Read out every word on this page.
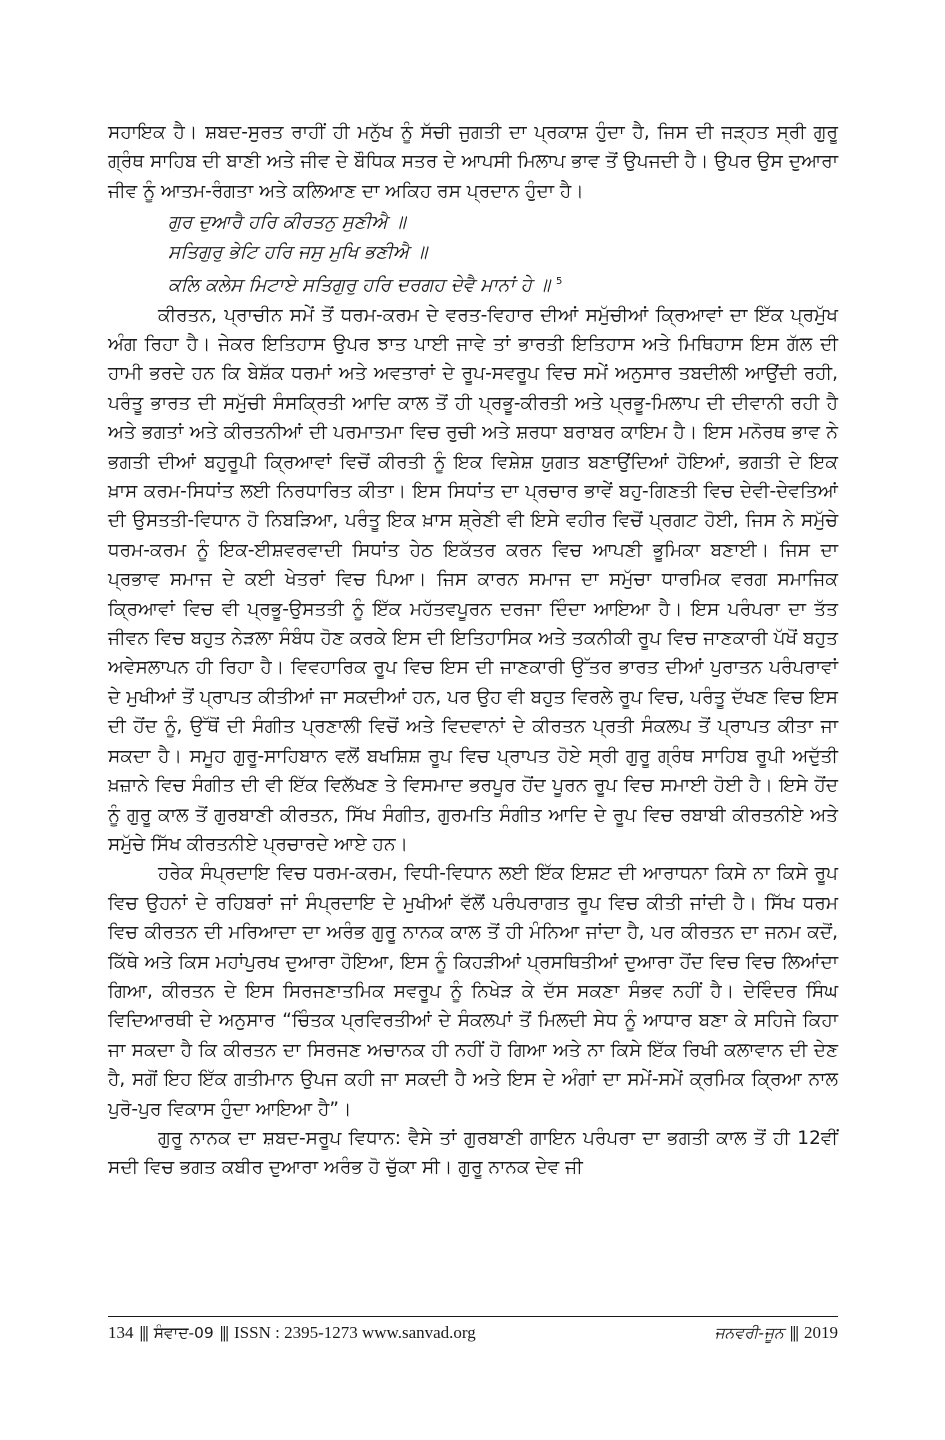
ਸਹਾਇਕ ਹੈ। ਸ਼ਬਦ-ਸੁਰਤ ਰਾਹੀਂ ਹੀ ਮਨੁੱਖ ਨੂੰ ਸੱਚੀ ਜੁਗਤੀ ਦਾ ਪ੍ਰਕਾਸ਼ ਹੁੰਦਾ ਹੈ, ਜਿਸ ਦੀ ਜੜ੍ਹਤ ਸ੍ਰੀ ਗੁਰੂ ਗ੍ਰੰਥ ਸਾਹਿਬ ਦੀ ਬਾਣੀ ਅਤੇ ਜੀਵ ਦੇ ਬੌਧਿਕ ਸਤਰ ਦੇ ਆਪਸੀ ਮਿਲਾਪ ਭਾਵ ਤੋਂ ਉਪਜਦੀ ਹੈ। ਉਪਰ ਉਸ ਦੁਆਰਾ ਜੀਵ ਨੂੰ ਆਤਮ-ਰੰਗਤਾ ਅਤੇ ਕਲਿਆਣ ਦਾ ਅਕਿਹ ਰਸ ਪ੍ਰਦਾਨ ਹੁੰਦਾ ਹੈ।

ਗੁਰ ਦੁਆਰੈ ਹਰਿ ਕੀਰਤਨੁ ਸੁਣੀਐ ॥
ਸਤਿਗੁਰੁ ਭੇਟਿ ਹਰਿ ਜਸੁ ਮੁਖਿ ਭਣੀਐ ॥
ਕਲਿ ਕਲੇਸ ਮਿਟਾਏ ਸਤਿਗੁਰੁ ਹਰਿ ਦਰਗਹ ਦੇਵੈ ਮਾਨਾਂ ਹੇ ॥ $^5$

ਕੀਰਤਨ, ਪ੍ਰਾਚੀਨ ਸਮੇਂ ਤੋਂ ਧਰਮ-ਕਰਮ ਦੇ ਵਰਤ-ਵਿਹਾਰ ਦੀਆਂ ਸਮੁੱਚੀਆਂ ਕ੍ਰਿਆਵਾਂ ਦਾ ਇੱਕ ਪ੍ਰਮੁੱਖ ਅੰਗ ਰਿਹਾ ਹੈ। ਜੇਕਰ ਇਤਿਹਾਸ ਉਪਰ ਝਾਤ ਪਾਈ ਜਾਵੇ ਤਾਂ ਭਾਰਤੀ ਇਤਿਹਾਸ ਅਤੇ ਮਿਥਿਹਾਸ ਇਸ ਗੱਲ ਦੀ ਹਾਮੀ ਭਰਦੇ ਹਨ ਕਿ ਬੇਸ਼ੱਕ ਧਰਮਾਂ ਅਤੇ ਅਵਤਾਰਾਂ ਦੇ ਰੂਪ-ਸਵਰੂਪ ਵਿਚ ਸਮੇਂ ਅਨੁਸਾਰ ਤਬਦੀਲੀ ਆਉਂਦੀ ਰਹੀ, ਪਰੰਤੂ ਭਾਰਤ ਦੀ ਸਮੁੱਚੀ ਸੰਸਕ੍ਰਿਤੀ ਆਦਿ ਕਾਲ ਤੋਂ ਹੀ ਪ੍ਰਭੂ-ਕੀਰਤੀ ਅਤੇ ਪ੍ਰਭੂ-ਮਿਲਾਪ ਦੀ ਦੀਵਾਨੀ ਰਹੀ ਹੈ ਅਤੇ ਭਗਤਾਂ ਅਤੇ ਕੀਰਤਨੀਆਂ ਦੀ ਪਰਮਾਤਮਾ ਵਿਚ ਰੁਚੀ ਅਤੇ ਸ਼ਰਧਾ ਬਰਾਬਰ ਕਾਇਮ ਹੈ। ਇਸ ਮਨੋਰਥ ਭਾਵ ਨੇ ਭਗਤੀ ਦੀਆਂ ਬਹੁਰੂਪੀ ਕ੍ਰਿਆਵਾਂ ਵਿਚੋਂ ਕੀਰਤੀ ਨੂੰ ਇਕ ਵਿਸ਼ੇਸ਼ ਯੁਗਤ ਬਣਾਉਂਦਿਆਂ ਹੋਇਆਂ, ਭਗਤੀ ਦੇ ਇਕ ਖ਼ਾਸ ਕਰਮ-ਸਿਧਾਂਤ ਲਈ ਨਿਰਧਾਰਿਤ ਕੀਤਾ। ਇਸ ਸਿਧਾਂਤ ਦਾ ਪ੍ਰਚਾਰ ਭਾਵੇਂ ਬਹੁ-ਗਿਣਤੀ ਵਿਚ ਦੇਵੀ-ਦੇਵਤਿਆਂ ਦੀ ਉਸਤਤੀ-ਵਿਧਾਨ ਹੋ ਨਿਬੜਿਆ, ਪਰੰਤੂ ਇਕ ਖ਼ਾਸ ਸ਼੍ਰੇਣੀ ਵੀ ਇਸੇ ਵਹੀਰ ਵਿਚੋਂ ਪ੍ਰਗਟ ਹੋਈ, ਜਿਸ ਨੇ ਸਮੁੱਚੇ ਧਰਮ-ਕਰਮ ਨੂੰ ਇਕ-ਈਸ਼ਵਰਵਾਦੀ ਸਿਧਾਂਤ ਹੇਠ ਇਕੱਤਰ ਕਰਨ ਵਿਚ ਆਪਣੀ ਭੂਮਿਕਾ ਬਣਾਈ। ਜਿਸ ਦਾ ਪ੍ਰਭਾਵ ਸਮਾਜ ਦੇ ਕਈ ਖੇਤਰਾਂ ਵਿਚ ਪਿਆ। ਜਿਸ ਕਾਰਨ ਸਮਾਜ ਦਾ ਸਮੁੱਚਾ ਧਾਰਮਿਕ ਵਰਗ ਸਮਾਜਿਕ ਕ੍ਰਿਆਵਾਂ ਵਿਚ ਵੀ ਪ੍ਰਭੂ-ਉਸਤਤੀ ਨੂੰ ਇੱਕ ਮਹੱਤਵਪੂਰਨ ਦਰਜਾ ਦਿੰਦਾ ਆਇਆ ਹੈ। ਇਸ ਪਰੰਪਰਾ ਦਾ ਤੱਤ ਜੀਵਨ ਵਿਚ ਬਹੁਤ ਨੇੜਲਾ ਸੰਬੰਧ ਹੋਣ ਕਰਕੇ ਇਸ ਦੀ ਇਤਿਹਾਸਿਕ ਅਤੇ ਤਕਨੀਕੀ ਰੂਪ ਵਿਚ ਜਾਣਕਾਰੀ ਪੱਖੋਂ ਬਹੁਤ ਅਵੇਸਲਾਪਨ ਹੀ ਰਿਹਾ ਹੈ। ਵਿਵਹਾਰਿਕ ਰੂਪ ਵਿਚ ਇਸ ਦੀ ਜਾਣਕਾਰੀ ਉੱਤਰ ਭਾਰਤ ਦੀਆਂ ਪੁਰਾਤਨ ਪਰੰਪਰਾਵਾਂ ਦੇ ਮੁਖੀਆਂ ਤੋਂ ਪ੍ਰਾਪਤ ਕੀਤੀਆਂ ਜਾ ਸਕਦੀਆਂ ਹਨ, ਪਰ ਉਹ ਵੀ ਬਹੁਤ ਵਿਰਲੇ ਰੂਪ ਵਿਚ, ਪਰੰਤੂ ਦੱਖਣ ਵਿਚ ਇਸ ਦੀ ਹੋਂਦ ਨੂੰ, ਉੱਥੋਂ ਦੀ ਸੰਗੀਤ ਪ੍ਰਣਾਲੀ ਵਿਚੋਂ ਅਤੇ ਵਿਦਵਾਨਾਂ ਦੇ ਕੀਰਤਨ ਪ੍ਰਤੀ ਸੰਕਲਪ ਤੋਂ ਪ੍ਰਾਪਤ ਕੀਤਾ ਜਾ ਸਕਦਾ ਹੈ। ਸਮੂਹ ਗੁਰੂ-ਸਾਹਿਬਾਨ ਵਲੋਂ ਬਖਸ਼ਿਸ਼ ਰੂਪ ਵਿਚ ਪ੍ਰਾਪਤ ਹੋਏ ਸ੍ਰੀ ਗੁਰੂ ਗ੍ਰੰਥ ਸਾਹਿਬ ਰੂਪੀ ਅਦੁੱਤੀ ਖ਼ਜ਼ਾਨੇ ਵਿਚ ਸੰਗੀਤ ਦੀ ਵੀ ਇੱਕ ਵਿਲੱਖਣ ਤੇ ਵਿਸਮਾਦ ਭਰਪੂਰ ਹੋਂਦ ਪੂਰਨ ਰੂਪ ਵਿਚ ਸਮਾਈ ਹੋਈ ਹੈ। ਇਸੇ ਹੋਂਦ ਨੂੰ ਗੁਰੂ ਕਾਲ ਤੋਂ ਗੁਰਬਾਣੀ ਕੀਰਤਨ, ਸਿੱਖ ਸੰਗੀਤ, ਗੁਰਮਤਿ ਸੰਗੀਤ ਆਦਿ ਦੇ ਰੂਪ ਵਿਚ ਰਬਾਬੀ ਕੀਰਤਨੀਏ ਅਤੇ ਸਮੁੱਚੇ ਸਿੱਖ ਕੀਰਤਨੀਏ ਪ੍ਰਚਾਰਦੇ ਆਏ ਹਨ।

ਹਰੇਕ ਸੰਪ੍ਰਦਾਇ ਵਿਚ ਧਰਮ-ਕਰਮ, ਵਿਧੀ-ਵਿਧਾਨ ਲਈ ਇੱਕ ਇਸ਼ਟ ਦੀ ਆਰਾਧਨਾ ਕਿਸੇ ਨਾ ਕਿਸੇ ਰੂਪ ਵਿਚ ਉਹਨਾਂ ਦੇ ਰਹਿਬਰਾਂ ਜਾਂ ਸੰਪ੍ਰਦਾਇ ਦੇ ਮੁਖੀਆਂ ਵੱਲੋਂ ਪਰੰਪਰਾਗਤ ਰੂਪ ਵਿਚ ਕੀਤੀ ਜਾਂਦੀ ਹੈ। ਸਿੱਖ ਧਰਮ ਵਿਚ ਕੀਰਤਨ ਦੀ ਮਰਿਆਦਾ ਦਾ ਅਰੰਭ ਗੁਰੂ ਨਾਨਕ ਕਾਲ ਤੋਂ ਹੀ ਮੰਨਿਆ ਜਾਂਦਾ ਹੈ, ਪਰ ਕੀਰਤਨ ਦਾ ਜਨਮ ਕਦੋਂ, ਕਿੱਥੇ ਅਤੇ ਕਿਸ ਮਹਾਂਪੁਰਖ ਦੁਆਰਾ ਹੋਇਆ, ਇਸ ਨੂੰ ਕਿਹੜੀਆਂ ਪ੍ਰਸਥਿਤੀਆਂ ਦੁਆਰਾ ਹੋਂਦ ਵਿਚ ਵਿਚ ਲਿਆਂਦਾ ਗਿਆ, ਕੀਰਤਨ ਦੇ ਇਸ ਸਿਰਜਣਾਤਮਿਕ ਸਵਰੂਪ ਨੂੰ ਨਿਖੇੜ ਕੇ ਦੱਸ ਸਕਣਾ ਸੰਭਵ ਨਹੀਂ ਹੈ। ਦੇਵਿੰਦਰ ਸਿੰਘ ਵਿਦਿਆਰਥੀ ਦੇ ਅਨੁਸਾਰ “ਚਿੰਤਕ ਪ੍ਰਵਿਰਤੀਆਂ ਦੇ ਸੰਕਲਪਾਂ ਤੋਂ ਮਿਲਦੀ ਸੇਧ ਨੂੰ ਆਧਾਰ ਬਣਾ ਕੇ ਸਹਿਜੇ ਕਿਹਾ ਜਾ ਸਕਦਾ ਹੈ ਕਿ ਕੀਰਤਨ ਦਾ ਸਿਰਜਣ ਅਚਾਨਕ ਹੀ ਨਹੀਂ ਹੋ ਗਿਆ ਅਤੇ ਨਾ ਕਿਸੇ ਇੱਕ ਰਿਖੀ ਕਲਾਵਾਨ ਦੀ ਦੇਣ ਹੈ, ਸਗੋਂ ਇਹ ਇੱਕ ਗਤੀਮਾਨ ਉਪਜ ਕਹੀ ਜਾ ਸਕਦੀ ਹੈ ਅਤੇ ਇਸ ਦੇ ਅੰਗਾਂ ਦਾ ਸਮੇਂ-ਸਮੇਂ ਕ੍ਰਮਿਕ ਕ੍ਰਿਆ ਨਾਲ ਪੁਰੋ-ਪੁਰ ਵਿਕਾਸ ਹੁੰਦਾ ਆਇਆ ਹੈ”।

ਗੁਰੂ ਨਾਨਕ ਦਾ ਸ਼ਬਦ-ਸਰੂਪ ਵਿਧਾਨ: ਵੈਸੇ ਤਾਂ ਗੁਰਬਾਣੀ ਗਾਇਨ ਪਰੰਪਰਾ ਦਾ ਭਗਤੀ ਕਾਲ ਤੋਂ ਹੀ 12ਵੀਂ ਸਦੀ ਵਿਚ ਭਗਤ ਕਬੀਰ ਦੁਆਰਾ ਅਰੰਭ ਹੋ ਚੁੱਕਾ ਸੀ। ਗੁਰੂ ਨਾਨਕ ਦੇਵ ਜੀ

134 ||| ਸੰਵਾਦ-09 ||| ISSN : 2395-1273
www.sanvad.org	ਜਨਵਰੀ-ਜੂਨ ||| 2019
